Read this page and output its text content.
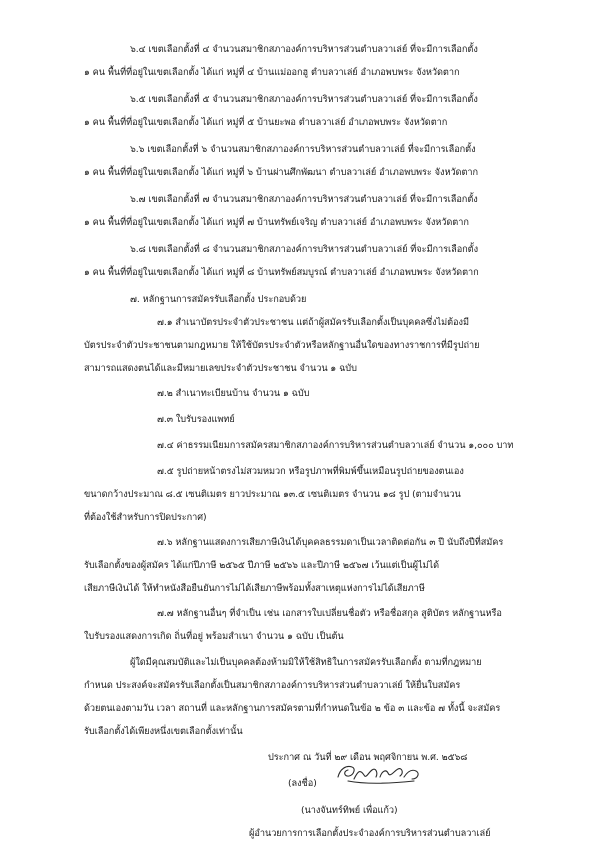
๖.๔ เขตเลือกตั้งที่ ๔ จำนวนสมาชิกสภาองค์การบริหารส่วนตำบลวาเล่ย์ ที่จะมีการเลือกตั้ง
๑ คน พื้นที่ที่อยู่ในเขตเลือกตั้ง ได้แก่ หมู่ที่ ๔ บ้านแม่ออกฮู ตำบลวาเล่ย์ อำเภอพบพระ จังหวัดตาก
๖.๕ เขตเลือกตั้งที่ ๕ จำนวนสมาชิกสภาองค์การบริหารส่วนตำบลวาเล่ย์ ที่จะมีการเลือกตั้ง
๑ คน พื้นที่ที่อยู่ในเขตเลือกตั้ง ได้แก่ หมู่ที่ ๕ บ้านยะพอ ตำบลวาเล่ย์ อำเภอพบพระ จังหวัดตาก
๖.๖ เขตเลือกตั้งที่ ๖ จำนวนสมาชิกสภาองค์การบริหารส่วนตำบลวาเล่ย์ ที่จะมีการเลือกตั้ง
๑ คน พื้นที่ที่อยู่ในเขตเลือกตั้ง ได้แก่ หมู่ที่ ๖ บ้านผ่านศึกพัฒนา ตำบลวาเล่ย์ อำเภอพบพระ จังหวัดตาก
๖.๗ เขตเลือกตั้งที่ ๗ จำนวนสมาชิกสภาองค์การบริหารส่วนตำบลวาเล่ย์ ที่จะมีการเลือกตั้ง
๑ คน พื้นที่ที่อยู่ในเขตเลือกตั้ง ได้แก่ หมู่ที่ ๗ บ้านทรัพย์เจริญ ตำบลวาเล่ย์ อำเภอพบพระ จังหวัดตาก
๖.๘ เขตเลือกตั้งที่ ๘ จำนวนสมาชิกสภาองค์การบริหารส่วนตำบลวาเล่ย์ ที่จะมีการเลือกตั้ง
๑ คน พื้นที่ที่อยู่ในเขตเลือกตั้ง ได้แก่ หมู่ที่ ๘ บ้านทรัพย์สมบูรณ์ ตำบลวาเล่ย์ อำเภอพบพระ จังหวัดตาก
๗. หลักฐานการสมัครรับเลือกตั้ง ประกอบด้วย
๗.๑ สำเนาบัตรประจำตัวประชาชน แต่ถ้าผู้สมัครรับเลือกตั้งเป็นบุคคลซึ่งไม่ต้องมี
บัตรประจำตัวประชาชนตามกฎหมาย ให้ใช้บัตรประจำตัวหรือหลักฐานอื่นใดของทางราชการที่มีรูปถ่าย
สามารถแสดงตนได้และมีหมายเลขประจำตัวประชาชน จำนวน ๑ ฉบับ
๗.๒ สำเนาทะเบียนบ้าน จำนวน ๑ ฉบับ
๗.๓ ใบรับรองแพทย์
๗.๔ ค่าธรรมเนียมการสมัครสมาชิกสภาองค์การบริหารส่วนตำบลวาเล่ย์ จำนวน ๑,๐๐๐ บาท
๗.๕ รูปถ่ายหน้าตรงไม่สวมหมวก หรือรูปภาพที่พิมพ์ขึ้นเหมือนรูปถ่ายของตนเอง
ขนาดกว้างประมาณ ๘.๕ เซนติเมตร ยาวประมาณ ๑๓.๕ เซนติเมตร จำนวน ๑๘ รูป (ตามจำนวน
ที่ต้องใช้สำหรับการปิดประกาศ)
๗.๖ หลักฐานแสดงการเสียภาษีเงินได้บุคคลธรรมดาเป็นเวลาติดต่อกัน ๓ ปี นับถึงปีที่สมัคร
รับเลือกตั้งของผู้สมัคร ได้แก่ปีภาษี ๒๕๖๕ ปีภาษี ๒๕๖๖ และปีภาษี ๒๕๖๗ เว้นแต่เป็นผู้ไม่ได้
เสียภาษีเงินได้ ให้ทำหนังสือยืนยันการไม่ได้เสียภาษีพร้อมทั้งสาเหตุแห่งการไม่ได้เสียภาษี
๗.๗ หลักฐานอื่นๆ ที่จำเป็น เช่น เอกสารใบเปลี่ยนชื่อตัว หรือชื่อสกุล สูติบัตร หลักฐานหรือ
ใบรับรองแสดงการเกิด ถิ่นที่อยู่ พร้อมสำเนา จำนวน ๑ ฉบับ เป็นต้น
ผู้ใดมีคุณสมบัติและไม่เป็นบุคคลต้องห้ามมิให้ใช้สิทธิในการสมัครรับเลือกตั้ง ตามที่กฎหมาย
กำหนด ประสงค์จะสมัครรับเลือกตั้งเป็นสมาชิกสภาองค์การบริหารส่วนตำบลวาเล่ย์ ให้ยื่นใบสมัคร
ด้วยตนเองตามวัน เวลา สถานที่ และหลักฐานการสมัครตามที่กำหนดในข้อ ๒ ข้อ ๓ และข้อ ๗ ทั้งนี้ จะสมัคร
รับเลือกตั้งได้เพียงหนึ่งเขตเลือกตั้งเท่านั้น
ประกาศ ณ วันที่ ๒๙ เดือน พฤศจิกายน พ.ศ. ๒๕๖๘
(ลงชื่อ)
(นางจันทร์ทิพย์ เพื่อแก้ว)
ผู้อำนวยการการเลือกตั้งประจำองค์การบริหารส่วนตำบลวาเล่ย์
